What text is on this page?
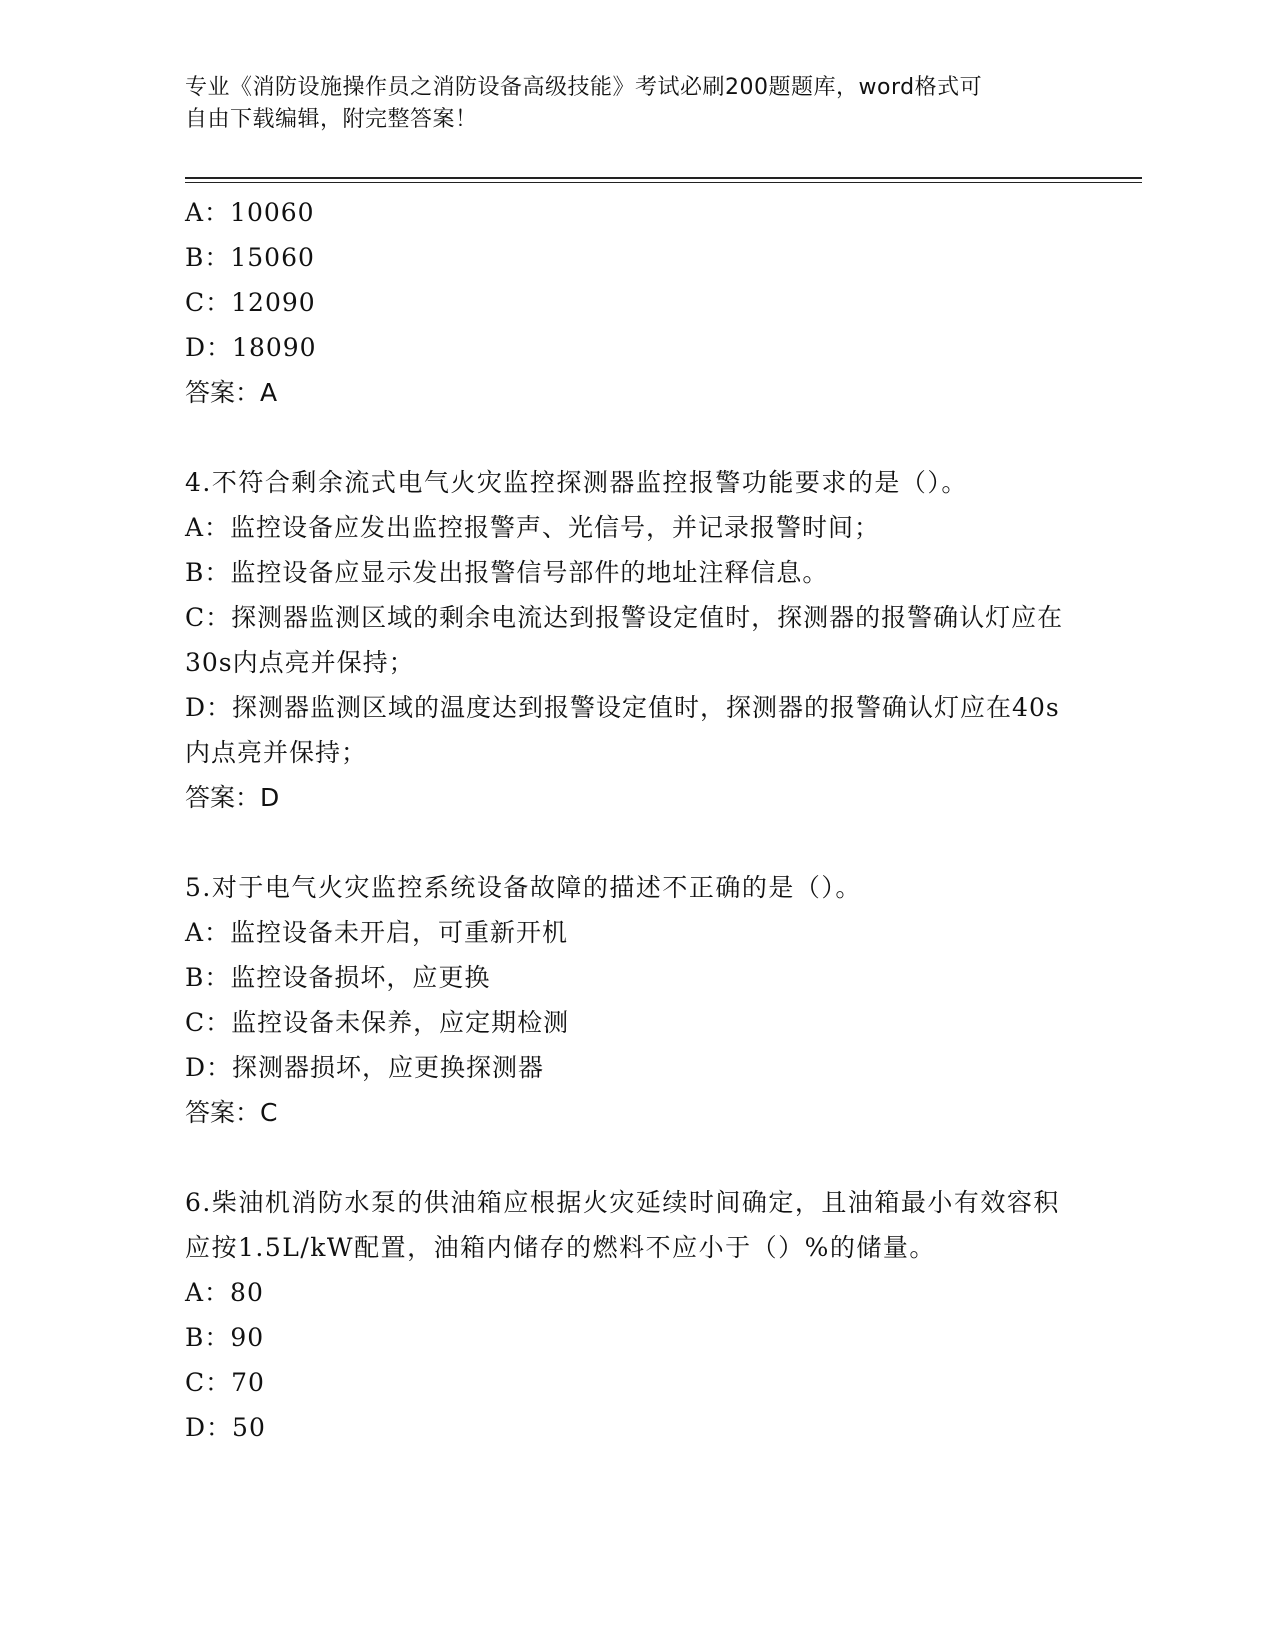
专业《消防设施操作员之消防设备高级技能》考试必刷200题题库，word格式可
自由下载编辑，附完整答案！
A：10060
B：15060
C：12090
D：18090
答案：A
4.不符合剩余流式电气火灾监控探测器监控报警功能要求的是（）。
A：监控设备应发出监控报警声、光信号，并记录报警时间；
B：监控设备应显示发出报警信号部件的地址注释信息。
C：探测器监测区域的剩余电流达到报警设定值时，探测器的报警确认灯应在30s内点亮并保持；
D：探测器监测区域的温度达到报警设定值时，探测器的报警确认灯应在40s内点亮并保持；
答案：D
5.对于电气火灾监控系统设备故障的描述不正确的是（）。
A：监控设备未开启，可重新开机
B：监控设备损坏，应更换
C：监控设备未保养，应定期检测
D：探测器损坏，应更换探测器
答案：C
6.柴油机消防水泵的供油箱应根据火灾延续时间确定，且油箱最小有效容积应按1.5L/kW配置，油箱内储存的燃料不应小于（）%的储量。
A：80
B：90
C：70
D：50
